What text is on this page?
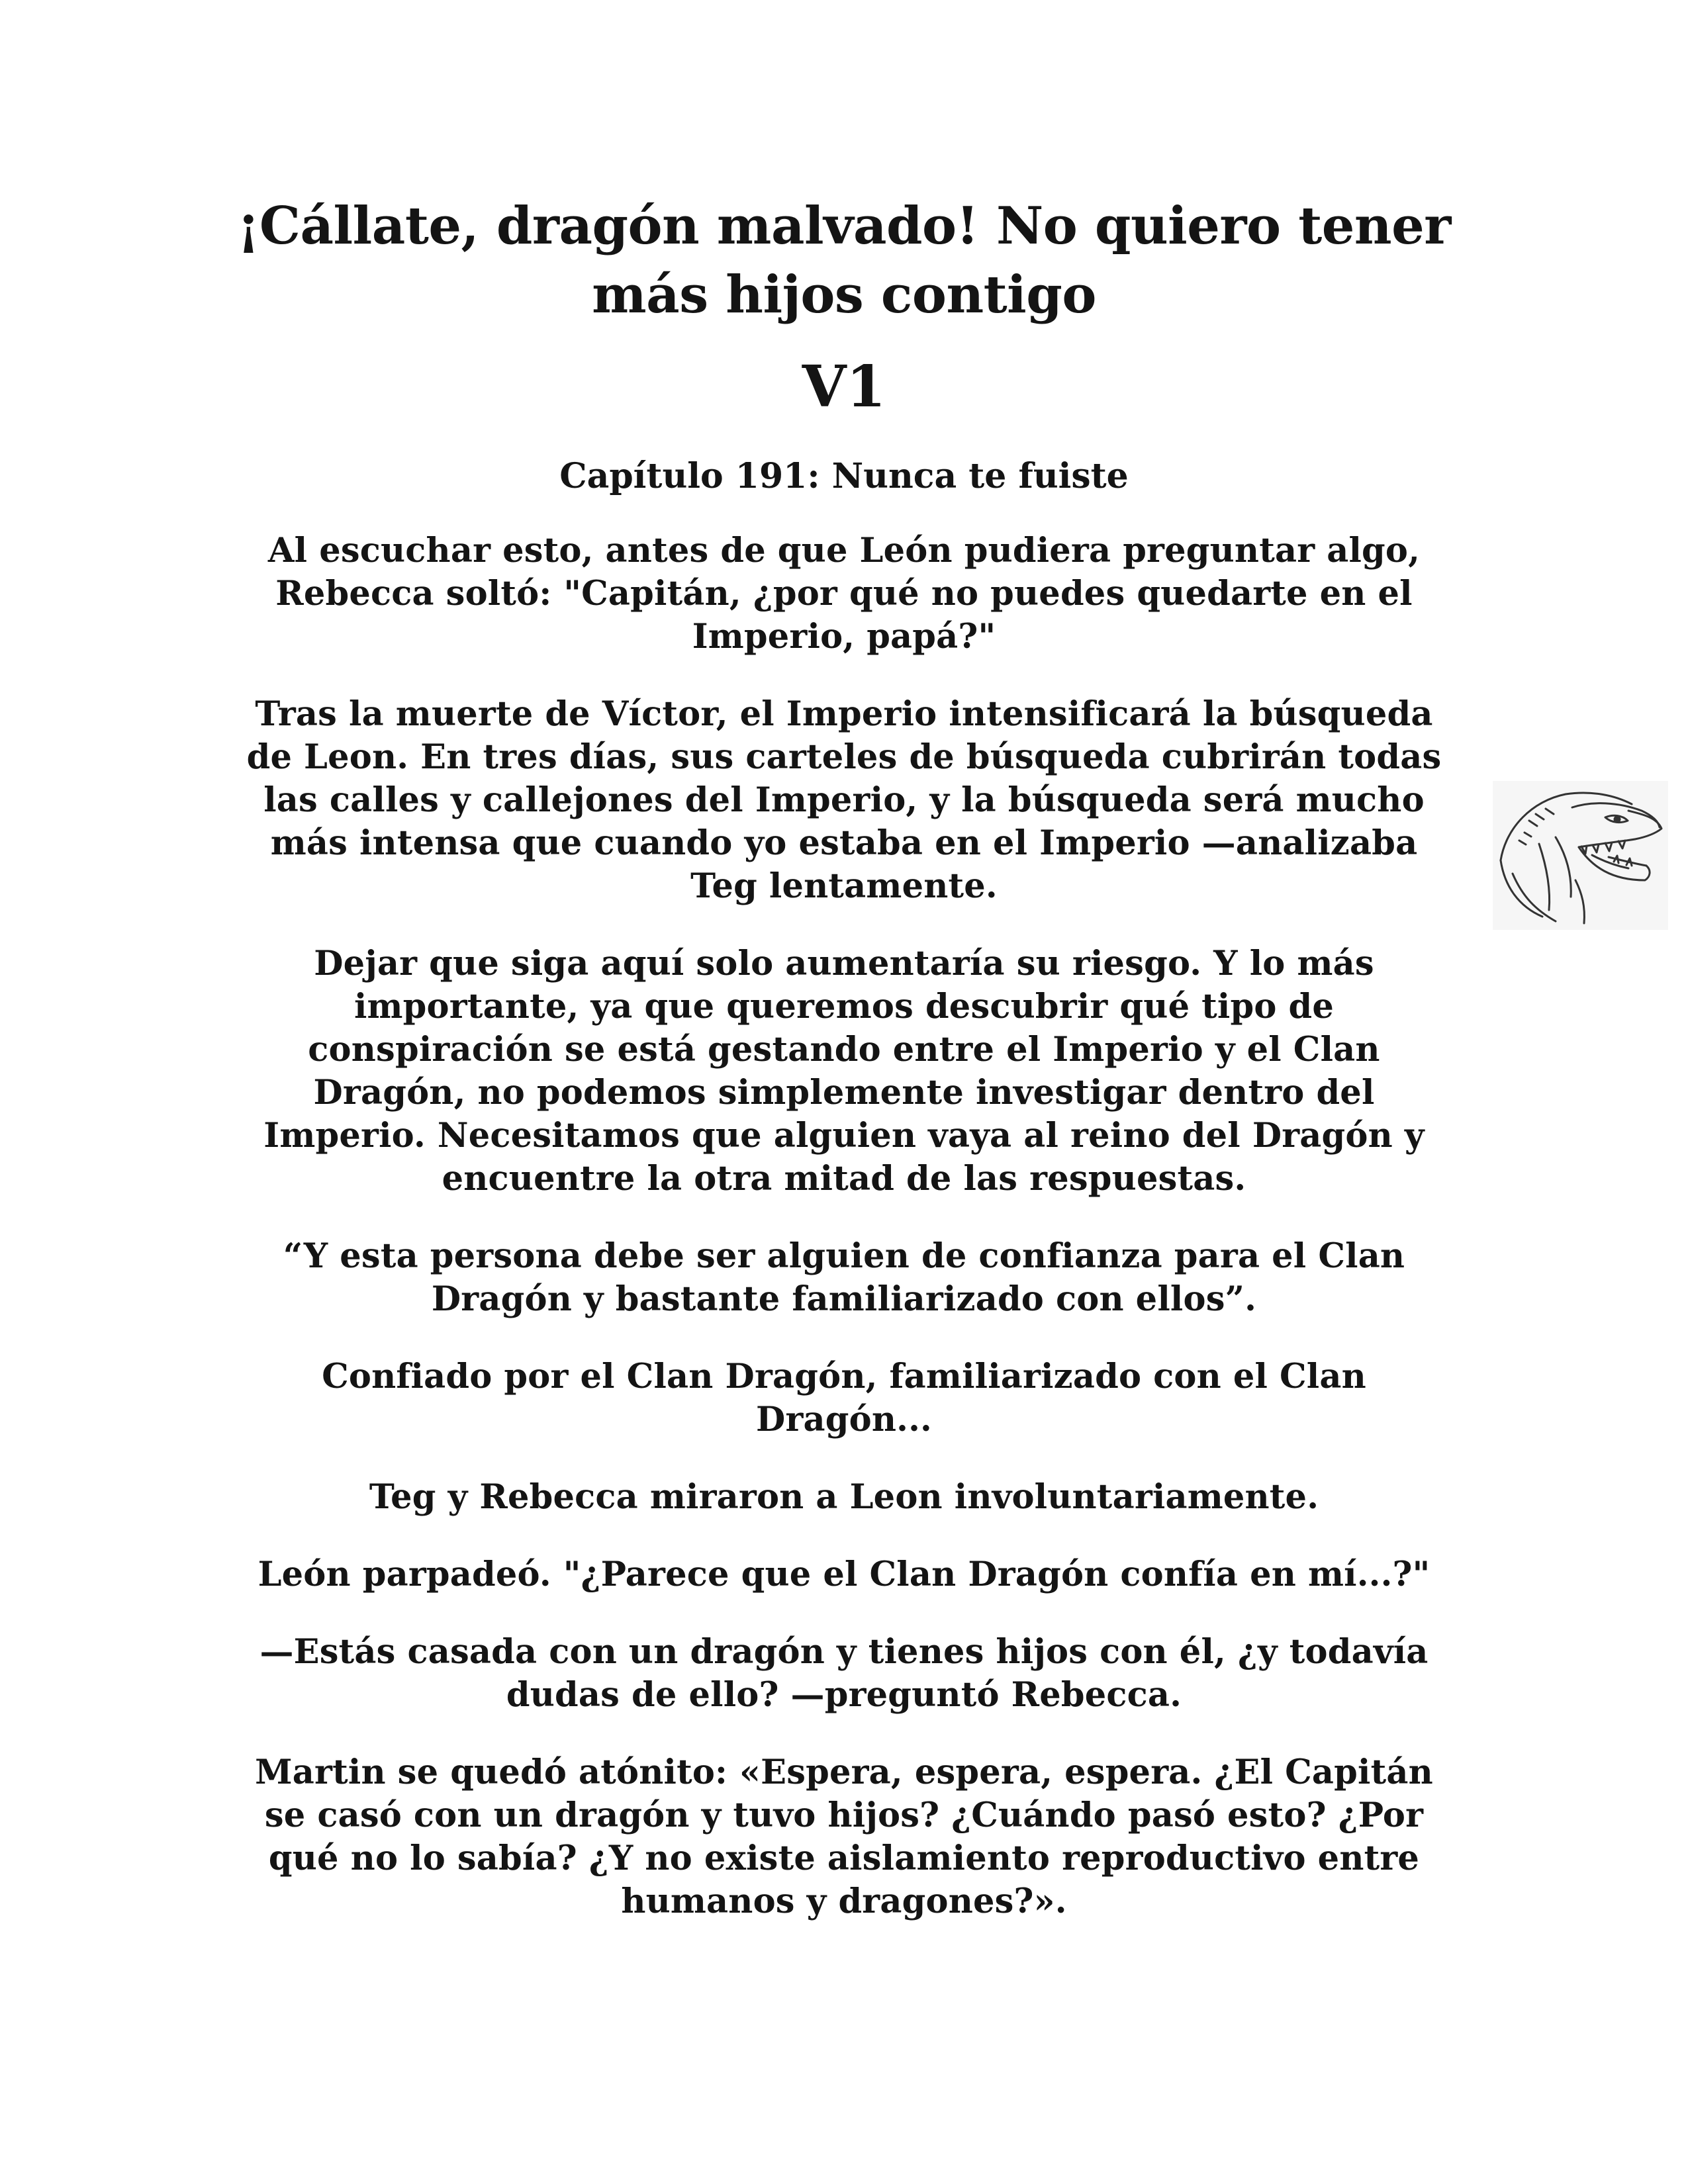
¡Cállate, dragón malvado! No quiero tener más hijos contigo
V1
Capítulo 191: Nunca te fuiste

Al escuchar esto, antes de que León pudiera preguntar algo, Rebecca soltó: "Capitán, ¿por qué no puedes quedarte en el Imperio, papá?"

Tras la muerte de Víctor, el Imperio intensificará la búsqueda de Leon. En tres días, sus carteles de búsqueda cubrirán todas las calles y callejones del Imperio, y la búsqueda será mucho más intensa que cuando yo estaba en el Imperio —analizaba Teg lentamente.

Dejar que siga aquí solo aumentaría su riesgo. Y lo más importante, ya que queremos descubrir qué tipo de conspiración se está gestando entre el Imperio y el Clan Dragón, no podemos simplemente investigar dentro del Imperio. Necesitamos que alguien vaya al reino del Dragón y encuentre la otra mitad de las respuestas.

“Y esta persona debe ser alguien de confianza para el Clan Dragón y bastante familiarizado con ellos”.

Confiado por el Clan Dragón, familiarizado con el Clan Dragón...

Teg y Rebecca miraron a Leon involuntariamente.

León parpadeó. "¿Parece que el Clan Dragón confía en mí...?"

—Estás casada con un dragón y tienes hijos con él, ¿y todavía dudas de ello? —preguntó Rebecca.

Martin se quedó atónito: «Espera, espera, espera. ¿El Capitán se casó con un dragón y tuvo hijos? ¿Cuándo pasó esto? ¿Por qué no lo sabía? ¿Y no existe aislamiento reproductivo entre humanos y dragones?».
